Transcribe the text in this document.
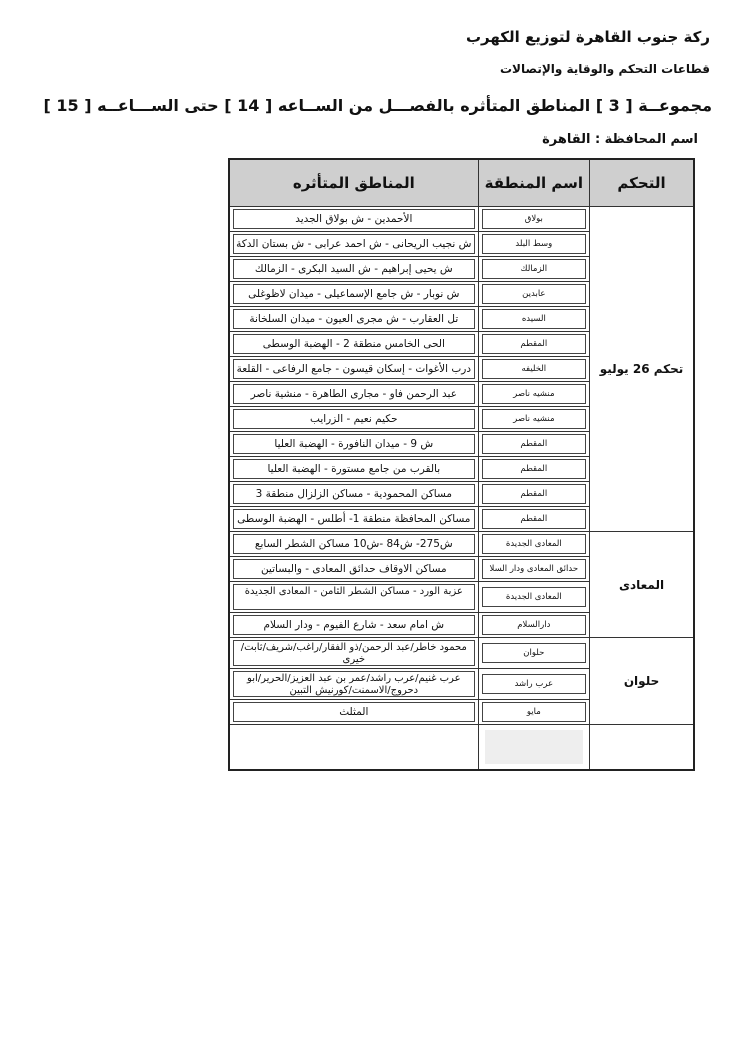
ركة جنوب القاهرة لتوزيع الكهرب
قطاعات التحكم والوقاية والإتصالات
مجموعــة [ 3 ] المناطق المتأثره بالفصـــل من الســاعه [ 14 ] حتى الســـاعــه [ 15 ]
اسم المحافظة : القاهرة
التحكم	اسم المنطقة	المناطق المتأثره
تحكم 26 يوليو	بولاق	الأحمدين - ش بولاق الجديد

	وسط البلد	ش نجيب الريحانى - ش احمد عرابى - ش بستان الدكة

	الزمالك	ش يحيى إبراهيم - ش السيد البكرى - الزمالك

	عابدين	ش نوبار - ش جامع الإسماعيلى - ميدان لاظوغلى

	السيده	تل العقارب - ش مجرى العيون - ميدان السلخانة

	المقطم	الحى الخامس منطقة 2 - الهضبة الوسطى

	الخليفه	درب الأغوات - إسكان قيسون - جامع الرفاعى - القلعة

	منشيه ناصر	عبد الرحمن فاو - مجارى الطاهرة - منشية ناصر

	منشيه ناصر	حكيم نعيم - الزرايب

	المقطم	ش 9 - ميدان النافورة - الهضبة العليا

	المقطم	بالقرب من جامع مستورة - الهضبة العليا

	المقطم	مساكن المحمودية - مساكن الزلزال منطقة 3

	المقطم	مساكن المحافظة منطقة 1- أطلس - الهضبة الوسطى

المعادى	المعادى الجديدة	ش275- ش84 -ش10 مساكن الشطر السابع

	حدائق المعادى ودار السلا	مساكن الاوقاف حدائق المعادى - والبساتين

	المعادى الجديدة	عزبة الورد - مساكن الشطر الثامن - المعادى الجديدة

	دارالسلام	ش امام سعد - شارع الفيوم - ودار السلام

حلوان	حلوان	محمود خاطر/عبد الرحمن/ذو الفقار/راغب/شريف/ثابت/خيرى

	عرب راشد	عرب غنيم/عرب راشد/عمر بن عبد العزيز/الحرير/ابو دحروج/الاسمنت/كورنيش التبين

	مايو	المثلث
